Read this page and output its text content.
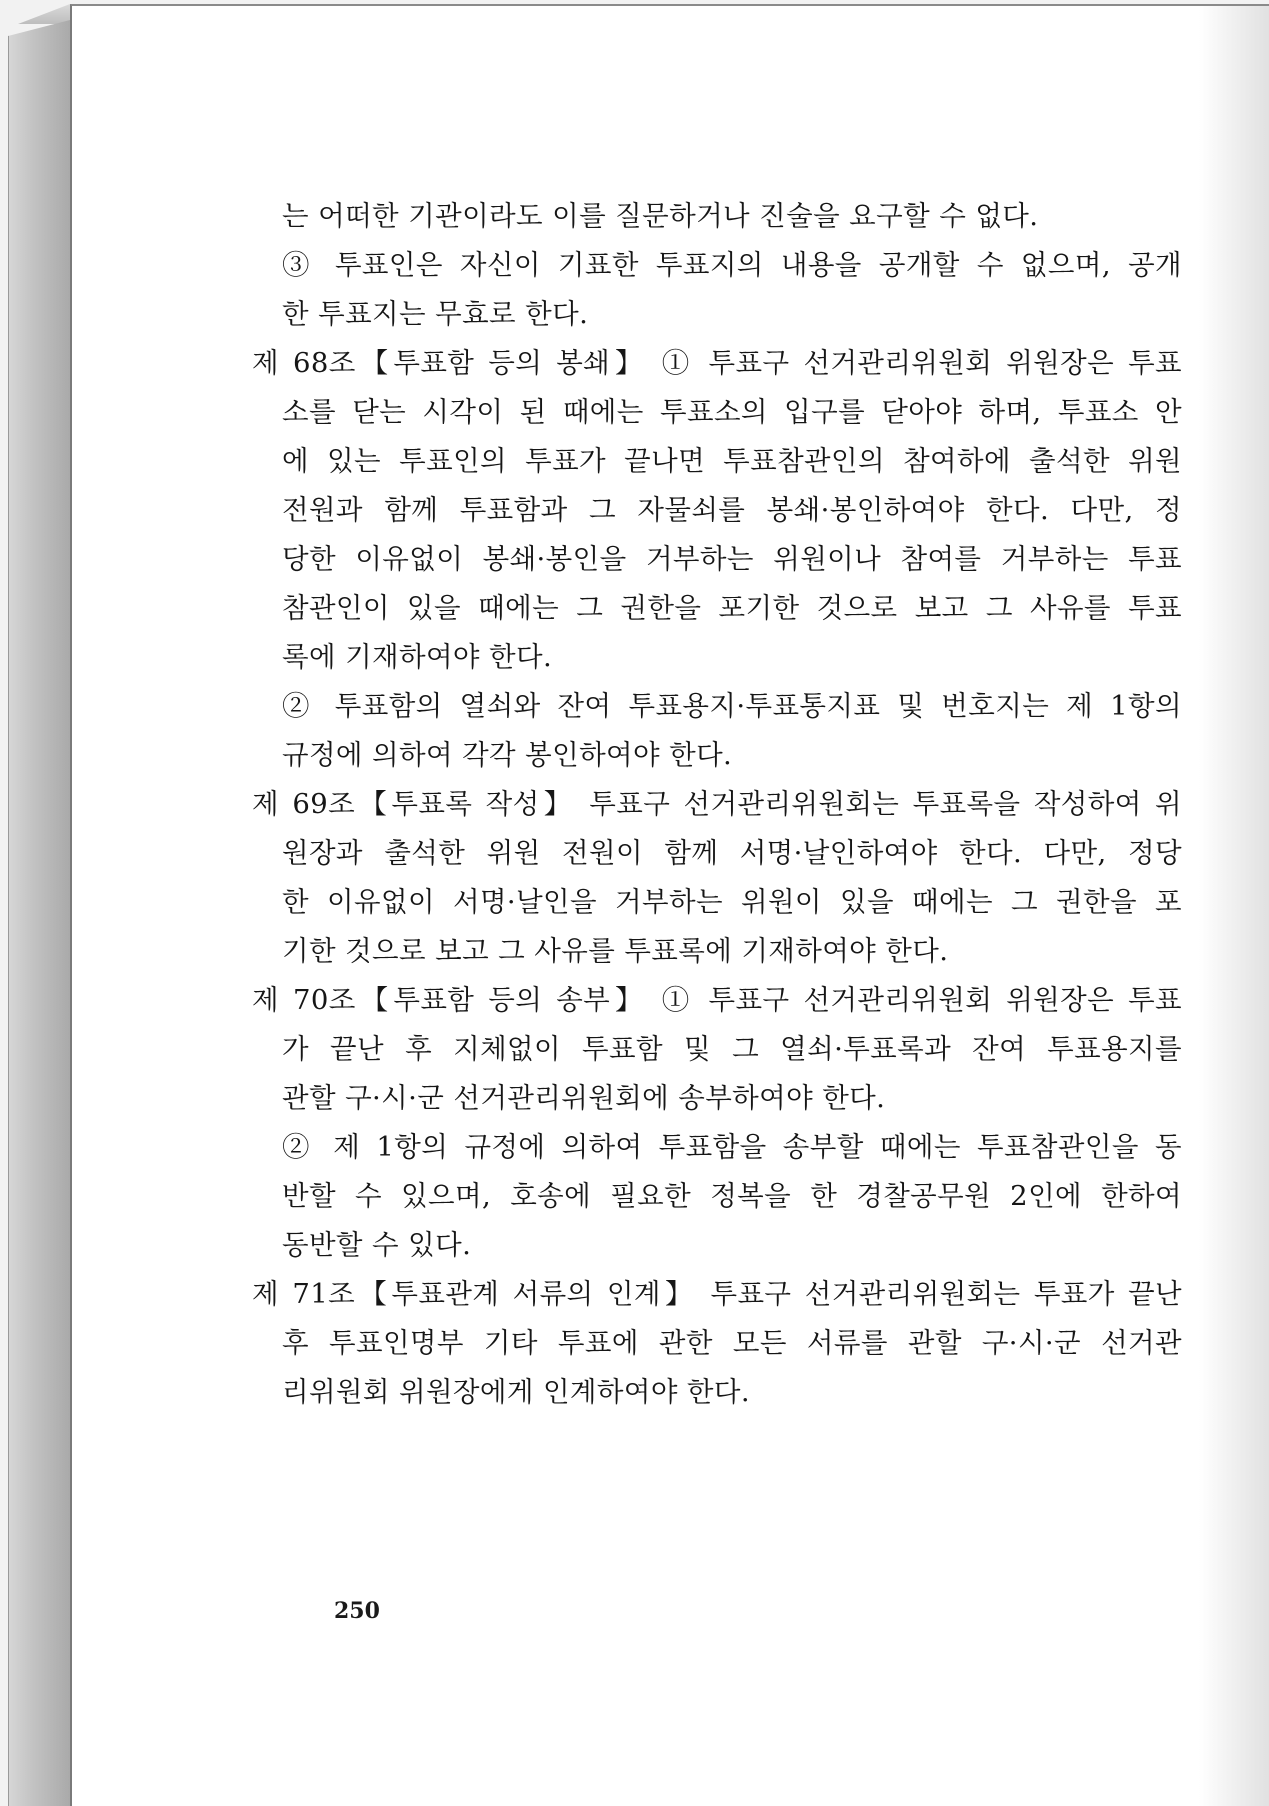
는 어떠한 기관이라도 이를 질문하거나 진술을 요구할 수 없다.
③ 투표인은 자신이 기표한 투표지의 내용을 공개할 수 없으며, 공개
한 투표지는 무효로 한다.
제 68조【투표함 등의 봉쇄】 ① 투표구 선거관리위원회 위원장은 투표
소를 닫는 시각이 된 때에는 투표소의 입구를 닫아야 하며, 투표소 안
에 있는 투표인의 투표가 끝나면 투표참관인의 참여하에 출석한 위원
전원과 함께 투표함과 그 자물쇠를 봉쇄·봉인하여야 한다. 다만, 정
당한 이유없이 봉쇄·봉인을 거부하는 위원이나 참여를 거부하는 투표
참관인이 있을 때에는 그 권한을 포기한 것으로 보고 그 사유를 투표
록에 기재하여야 한다.
② 투표함의 열쇠와 잔여 투표용지·투표통지표 및 번호지는 제 1항의
규정에 의하여 각각 봉인하여야 한다.
제 69조【투표록 작성】 투표구 선거관리위원회는 투표록을 작성하여 위
원장과 출석한 위원 전원이 함께 서명·날인하여야 한다. 다만, 정당
한 이유없이 서명·날인을 거부하는 위원이 있을 때에는 그 권한을 포
기한 것으로 보고 그 사유를 투표록에 기재하여야 한다.
제 70조【투표함 등의 송부】 ① 투표구 선거관리위원회 위원장은 투표
가 끝난 후 지체없이 투표함 및 그 열쇠·투표록과 잔여 투표용지를
관할 구·시·군 선거관리위원회에 송부하여야 한다.
② 제 1항의 규정에 의하여 투표함을 송부할 때에는 투표참관인을 동
반할 수 있으며, 호송에 필요한 정복을 한 경찰공무원 2인에 한하여
동반할 수 있다.
제 71조【투표관계 서류의 인계】 투표구 선거관리위원회는 투표가 끝난
후 투표인명부 기타 투표에 관한 모든 서류를 관할 구·시·군 선거관
리위원회 위원장에게 인계하여야 한다.
250
